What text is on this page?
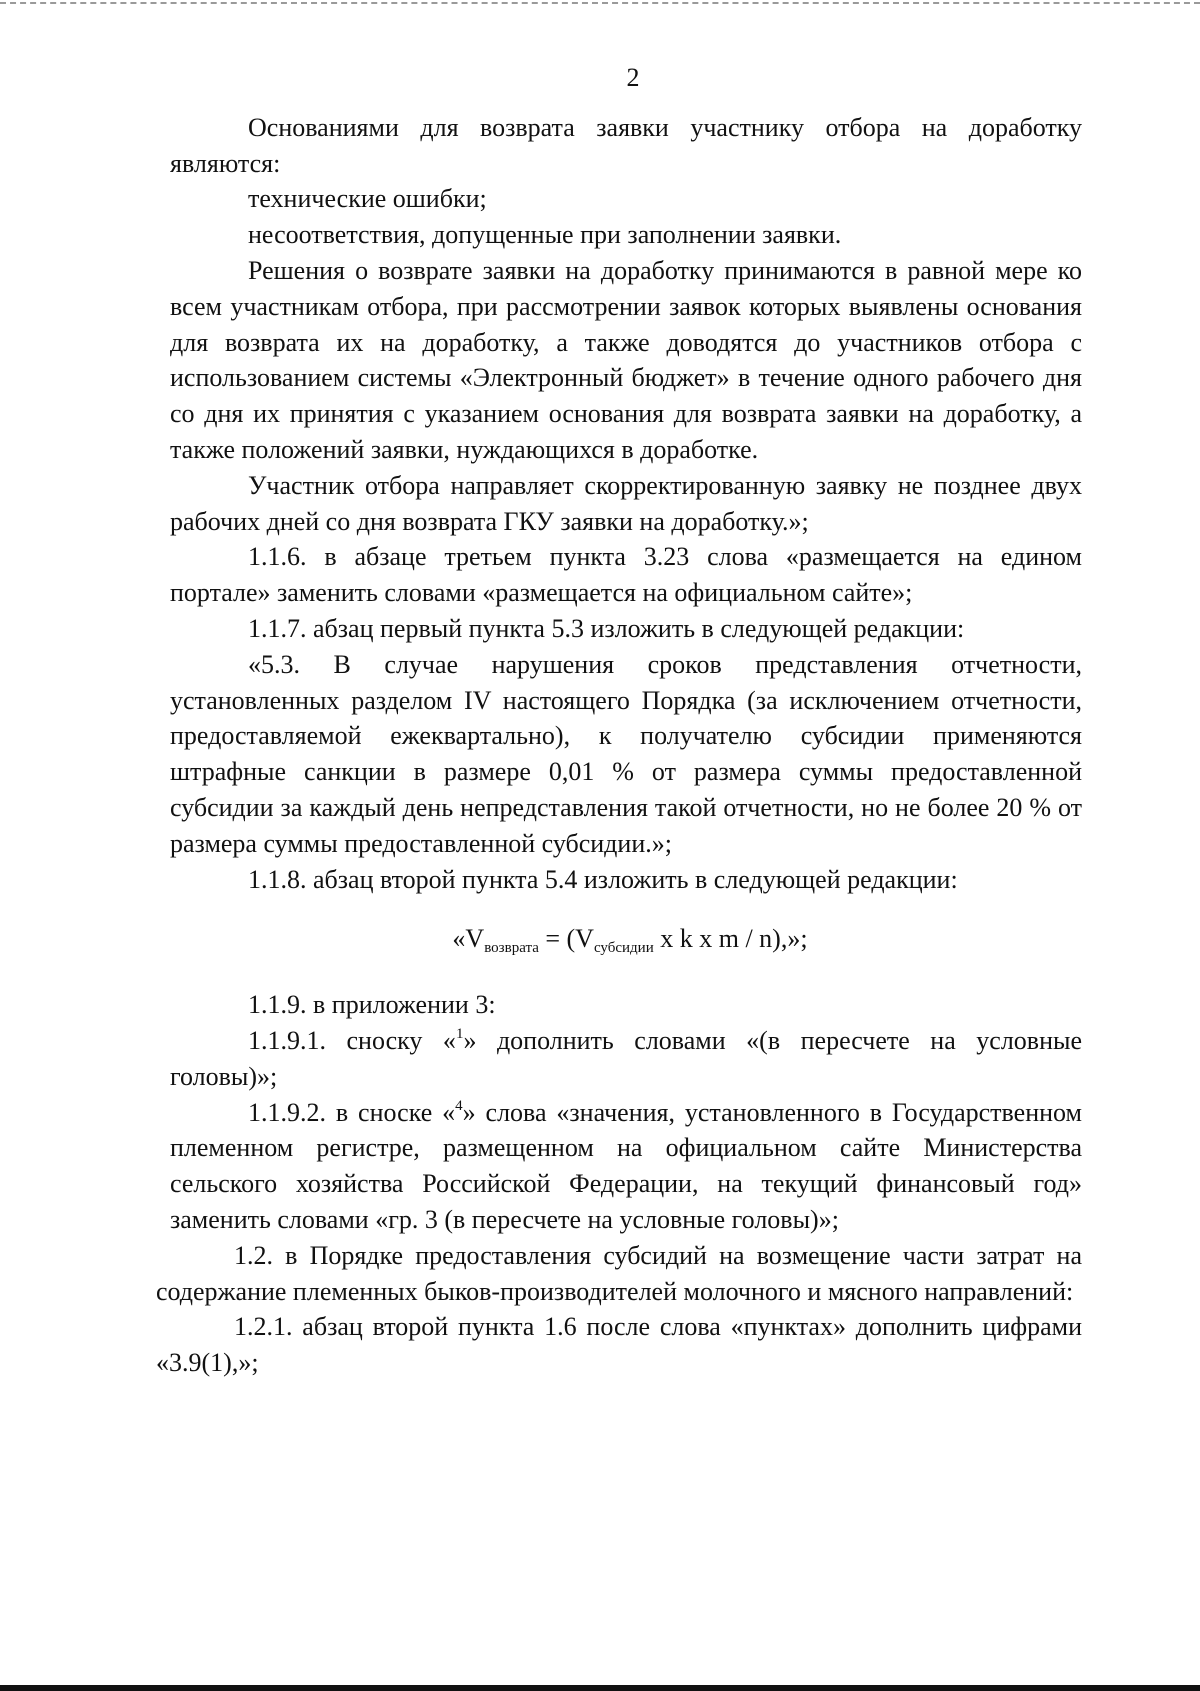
2

Основаниями для возврата заявки участнику отбора на доработку являются:

технические ошибки;

несоответствия, допущенные при заполнении заявки.

Решения о возврате заявки на доработку принимаются в равной мере ко всем участникам отбора, при рассмотрении заявок которых выявлены основания для возврата их на доработку, а также доводятся до участников отбора с использованием системы «Электронный бюджет» в течение одного рабочего дня со дня их принятия с указанием основания для возврата заявки на доработку, а также положений заявки, нуждающихся в доработке.

Участник отбора направляет скорректированную заявку не позднее двух рабочих дней со дня возврата ГКУ заявки на доработку.»;

1.1.6. в абзаце третьем пункта 3.23 слова «размещается на едином портале» заменить словами «размещается на официальном сайте»;

1.1.7. абзац первый пункта 5.3 изложить в следующей редакции:

«5.3. В случае нарушения сроков представления отчетности, установленных разделом IV настоящего Порядка (за исключением отчетности, предоставляемой ежеквартально), к получателю субсидии применяются штрафные санкции в размере 0,01 % от размера суммы предоставленной субсидии за каждый день непредставления такой отчетности, но не более 20 % от размера суммы предоставленной субсидии.»;

1.1.8. абзац второй пункта 5.4 изложить в следующей редакции:

«$V_{возврата} = (V_{субсидии}$ x k x m / n),»;

1.1.9. в приложении 3:

1.1.9.1. сноску «$^1$» дополнить словами «(в пересчете на условные головы)»;

1.1.9.2. в сноске «$^4$» слова «значения, установленного в Государственном племенном регистре, размещенном на официальном сайте Министерства сельского хозяйства Российской Федерации, на текущий финансовый год» заменить словами «гр. 3 (в пересчете на условные головы)»;

1.2. в Порядке предоставления субсидий на возмещение части затрат на содержание племенных быков-производителей молочного и мясного направлений:

1.2.1. абзац второй пункта 1.6 после слова «пунктах» дополнить цифрами «3.9(1),»;
